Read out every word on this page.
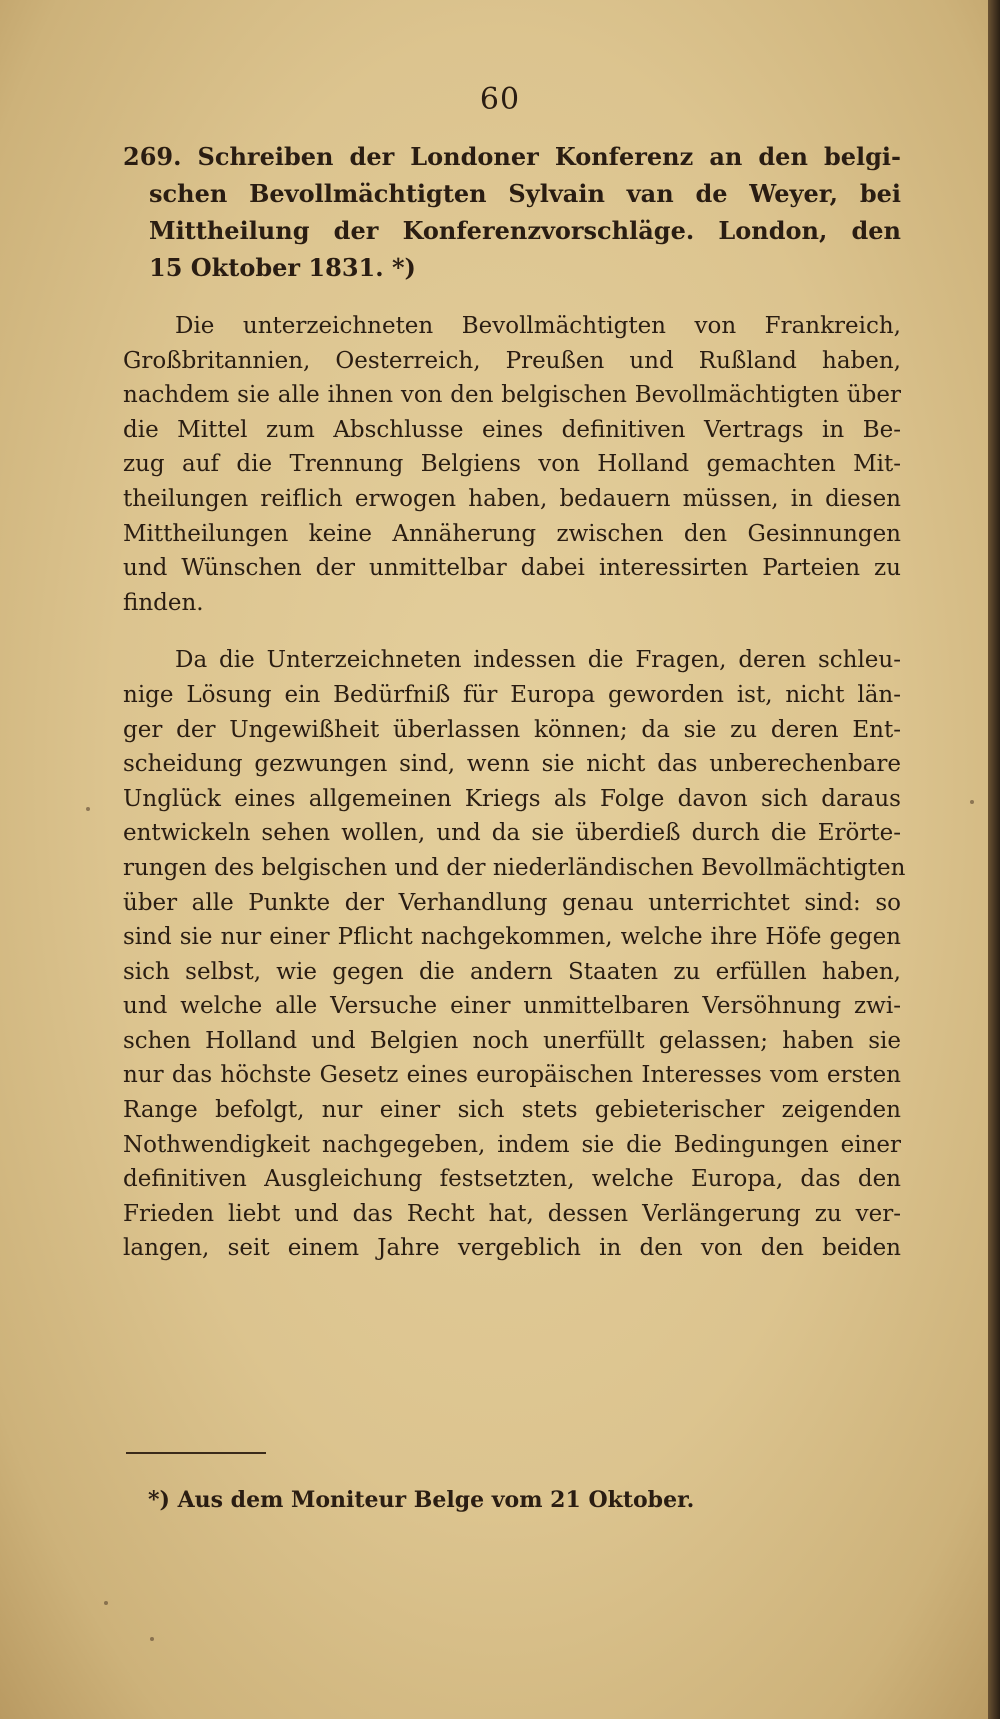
60
269. Schreiben der Londoner Konferenz an den belgi-
schen Bevollmächtigten Sylvain van de Weyer, bei
Mittheilung der Konferenzvorschläge. London, den
15 Oktober 1831. *)
Die unterzeichneten Bevollmächtigten von Frankreich,
Großbritannien, Oesterreich, Preußen und Rußland haben,
nachdem sie alle ihnen von den belgischen Bevollmächtigten über
die Mittel zum Abschlusse eines definitiven Vertrags in Be-
zug auf die Trennung Belgiens von Holland gemachten Mit-
theilungen reiflich erwogen haben, bedauern müssen, in diesen
Mittheilungen keine Annäherung zwischen den Gesinnungen
und Wünschen der unmittelbar dabei interessirten Parteien zu
finden.
Da die Unterzeichneten indessen die Fragen, deren schleu-
nige Lösung ein Bedürfniß für Europa geworden ist, nicht län-
ger der Ungewißheit überlassen können; da sie zu deren Ent-
scheidung gezwungen sind, wenn sie nicht das unberechenbare
Unglück eines allgemeinen Kriegs als Folge davon sich daraus
entwickeln sehen wollen, und da sie überdieß durch die Erörte-
rungen des belgischen und der niederländischen Bevollmächtigten
über alle Punkte der Verhandlung genau unterrichtet sind: so
sind sie nur einer Pflicht nachgekommen, welche ihre Höfe gegen
sich selbst, wie gegen die andern Staaten zu erfüllen haben,
und welche alle Versuche einer unmittelbaren Versöhnung zwi-
schen Holland und Belgien noch unerfüllt gelassen; haben sie
nur das höchste Gesetz eines europäischen Interesses vom ersten
Range befolgt, nur einer sich stets gebieterischer zeigenden
Nothwendigkeit nachgegeben, indem sie die Bedingungen einer
definitiven Ausgleichung festsetzten, welche Europa, das den
Frieden liebt und das Recht hat, dessen Verlängerung zu ver-
langen, seit einem Jahre vergeblich in den von den beiden
*) Aus dem Moniteur Belge vom 21 Oktober.
